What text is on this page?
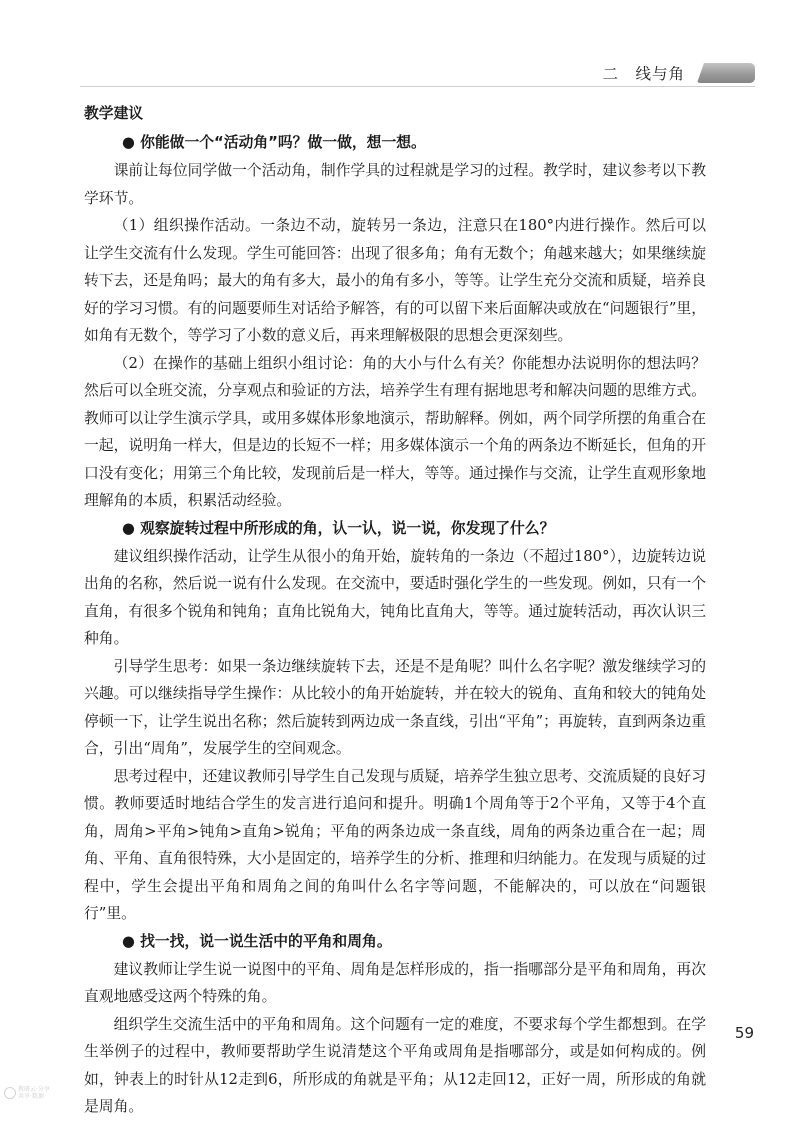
二　线与角
教学建议

● 你能做一个“活动角”吗？做一做，想一想。

课前让每位同学做一个活动角，制作学具的过程就是学习的过程。教学时，建议参考以下教学环节。

（1）组织操作活动。一条边不动，旋转另一条边，注意只在180°内进行操作。然后可以让学生交流有什么发现。学生可能回答：出现了很多角；角有无数个；角越来越大；如果继续旋转下去，还是角吗；最大的角有多大，最小的角有多小，等等。让学生充分交流和质疑，培养良好的学习习惯。有的问题要师生对话给予解答，有的可以留下来后面解决或放在“问题银行”里，如角有无数个，等学习了小数的意义后，再来理解极限的思想会更深刻些。

（2）在操作的基础上组织小组讨论：角的大小与什么有关？你能想办法说明你的想法吗？然后可以全班交流，分享观点和验证的方法，培养学生有理有据地思考和解决问题的思维方式。教师可以让学生演示学具，或用多媒体形象地演示，帮助解释。例如，两个同学所摆的角重合在一起，说明角一样大，但是边的长短不一样；用多媒体演示一个角的两条边不断延长，但角的开口没有变化；用第三个角比较，发现前后是一样大，等等。通过操作与交流，让学生直观形象地理解角的本质，积累活动经验。

● 观察旋转过程中所形成的角，认一认，说一说，你发现了什么？

建议组织操作活动，让学生从很小的角开始，旋转角的一条边（不超过180°），边旋转边说出角的名称，然后说一说有什么发现。在交流中，要适时强化学生的一些发现。例如，只有一个直角，有很多个锐角和钝角；直角比锐角大，钝角比直角大，等等。通过旋转活动，再次认识三种角。

引导学生思考：如果一条边继续旋转下去，还是不是角呢？叫什么名字呢？激发继续学习的兴趣。可以继续指导学生操作：从比较小的角开始旋转，并在较大的锐角、直角和较大的钝角处停顿一下，让学生说出名称；然后旋转到两边成一条直线，引出“平角”；再旋转，直到两条边重合，引出“周角”，发展学生的空间观念。

思考过程中，还建议教师引导学生自己发现与质疑，培养学生独立思考、交流质疑的良好习惯。教师要适时地结合学生的发言进行追问和提升。明确1个周角等于2个平角，又等于4个直角，周角>平角>钝角>直角>锐角；平角的两条边成一条直线，周角的两条边重合在一起；周角、平角、直角很特殊，大小是固定的，培养学生的分析、推理和归纳能力。在发现与质疑的过程中，学生会提出平角和周角之间的角叫什么名字等问题，不能解决的，可以放在“问题银行”里。

● 找一找，说一说生活中的平角和周角。

建议教师让学生说一说图中的平角、周角是怎样形成的，指一指哪部分是平角和周角，再次直观地感受这两个特殊的角。

组织学生交流生活中的平角和周角。这个问题有一定的难度，不要求每个学生都想到。在学生举例子的过程中，教师要帮助学生说清楚这个平角或周角是指哪部分，或是如何构成的。例如，钟表上的时针从12走到6，所形成的角就是平角；从12走回12，正好一周，所形成的角就是周角。

59
教研云·分享
共享·数据
